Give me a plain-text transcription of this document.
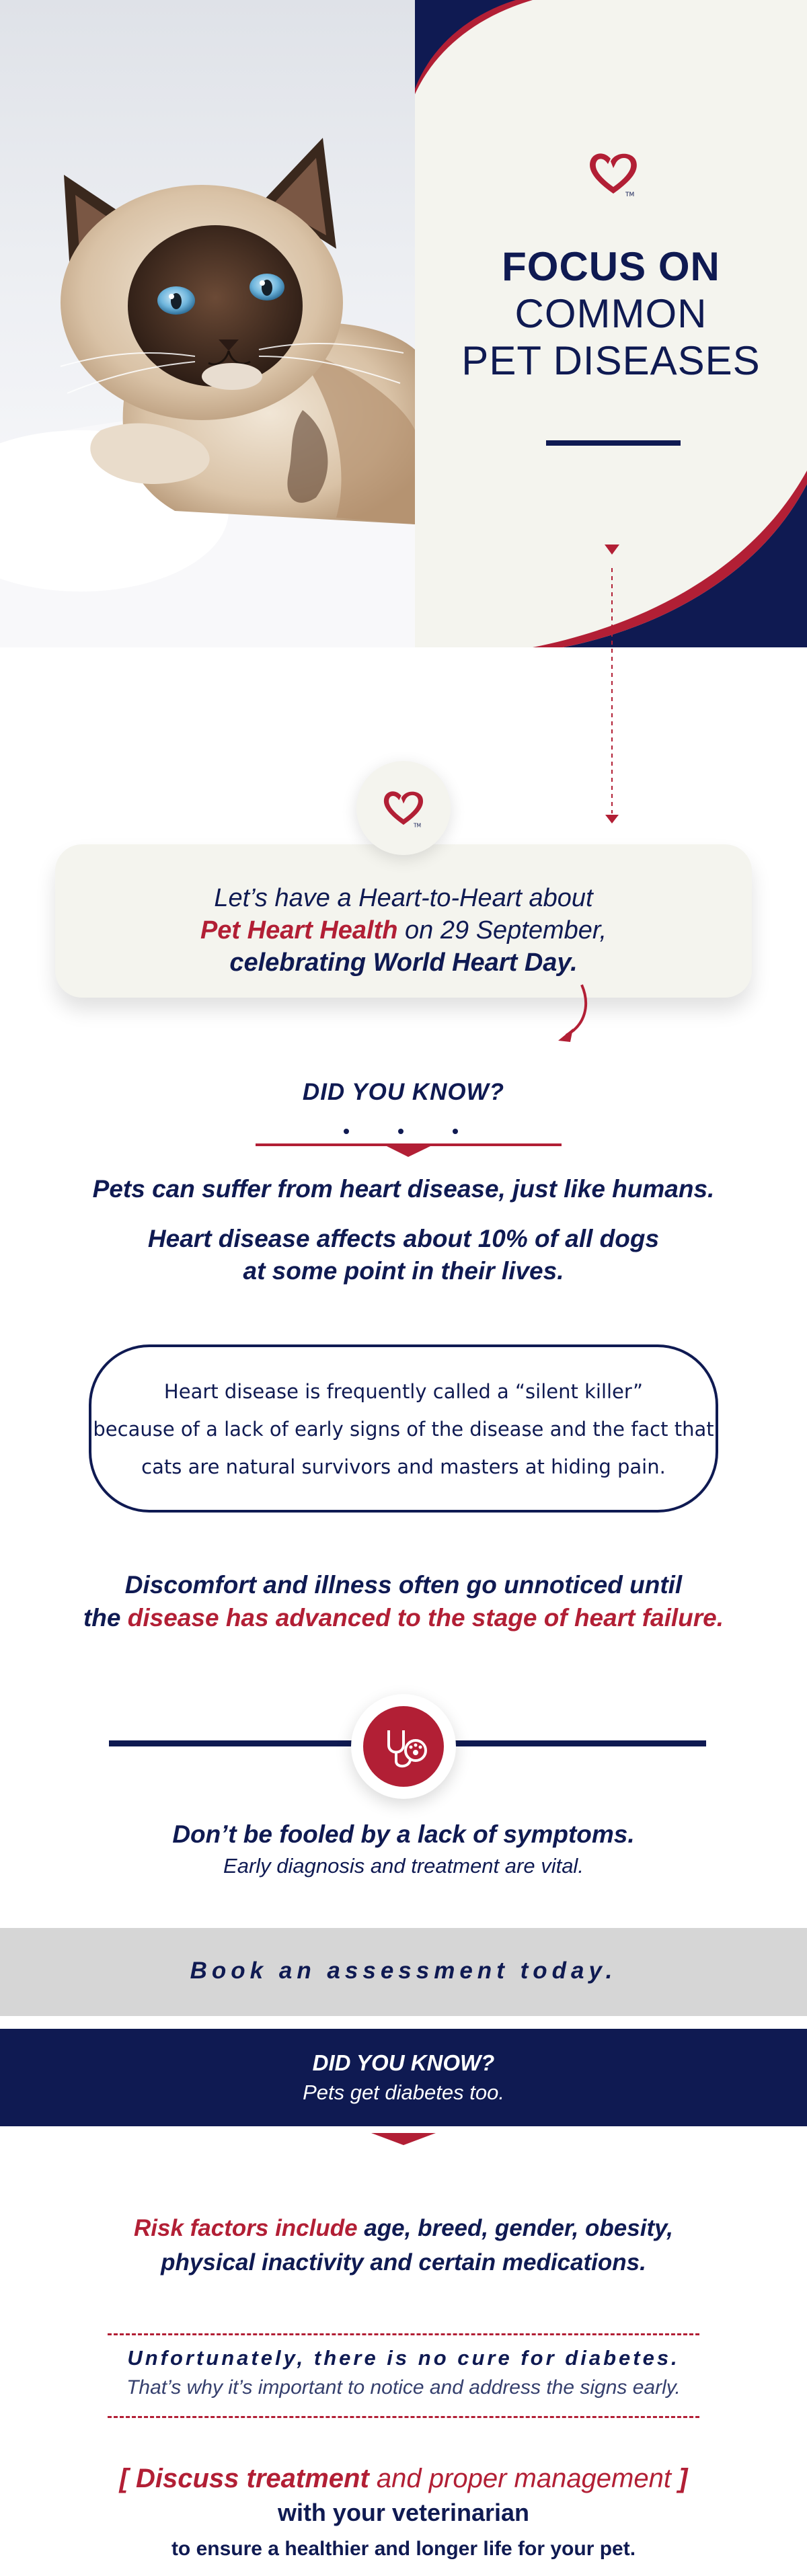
TM
FOCUS ON
COMMON
PET DISEASES
TM
Let’s have a Heart-to-Heart about
Pet Heart Health on 29 September,
celebrating World Heart Day.
DID YOU KNOW?
Pets can suffer from heart disease, just like humans.
Heart disease affects about 10% of all dogs
at some point in their lives.
Heart disease is frequently called a “silent killer”
because of a lack of early signs of the disease and the fact that
cats are natural survivors and masters at hiding pain.
Discomfort and illness often go unnoticed until
the disease has advanced to the stage of heart failure.
Don’t be fooled by a lack of symptoms.
Early diagnosis and treatment are vital.
Book an assessment today.
DID YOU KNOW?
Pets get diabetes too.
Risk factors include age, breed, gender, obesity,
physical inactivity and certain medications.
Unfortunately, there is no cure for diabetes.
That’s why it’s important to notice and address the signs early.
[ Discuss treatment and proper management ]
with your veterinarian
to ensure a healthier and longer life for your pet.
